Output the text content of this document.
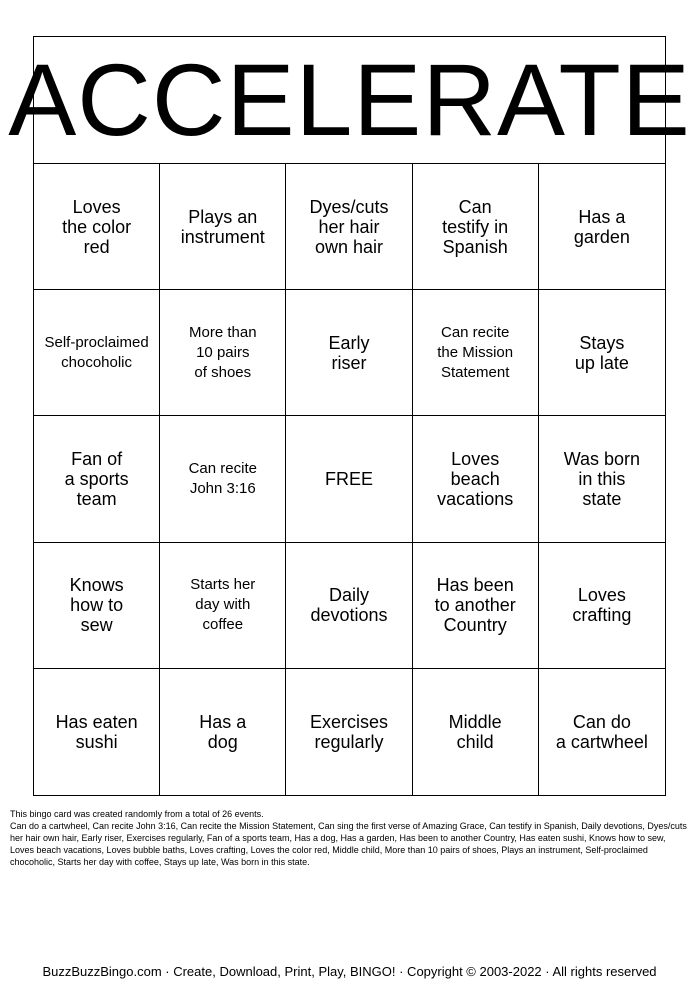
ACCELERATE
Loves
the color
red
Plays an
instrument
Dyes/cuts
her hair
own hair
Can
testify in
Spanish
Has a
garden
Self-proclaimed
chocoholic
More than
10 pairs
of shoes
Early
riser
Can recite
the Mission
Statement
Stays
up late
Fan of
a sports
team
Can recite
John 3:16	FREE
Loves
beach
vacations
Was born
in this
state
Knows
how to
sew
Starts her
day with
coffee
Daily
devotions
Has been
to another
Country
Loves
crafting
Has eaten
sushi
Has a
dog
Exercises
regularly
Middle
child
Can do
a cartwheel
This bingo card was created randomly from a total of 26 events.
Can do a cartwheel, Can recite John 3:16, Can recite the Mission Statement, Can sing the first verse of Amazing Grace, Can testify in Spanish, Daily devotions, Dyes/cuts her hair own hair, Early riser, Exercises regularly, Fan of a sports team, Has a dog, Has a garden, Has been to another Country, Has eaten sushi, Knows how to sew, Loves beach vacations, Loves bubble baths, Loves crafting, Loves the color red, Middle child, More than 10 pairs of shoes, Plays an instrument, Self-proclaimed chocoholic, Starts her day with coffee, Stays up late, Was born in this state.
BuzzBuzzBingo.com · Create, Download, Print, Play, BINGO! · Copyright © 2003-2022 · All rights reserved
